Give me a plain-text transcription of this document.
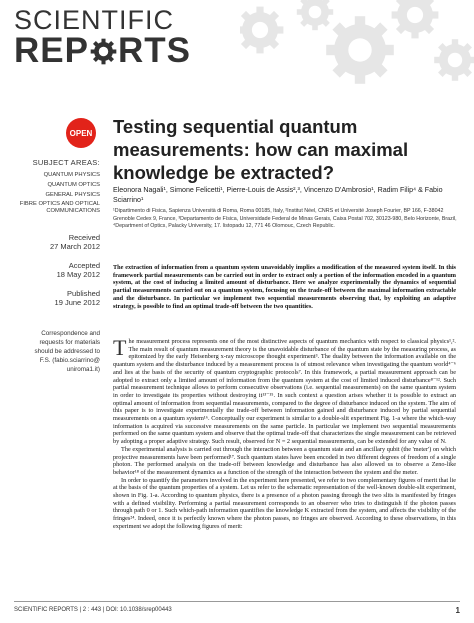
SCIENTIFIC
REP RTS
OPEN
SUBJECT AREAS:
QUANTUM PHYSICS
QUANTUM OPTICS
GENERAL PHYSICS
FIBRE OPTICS AND OPTICAL COMMUNICATIONS
Received
27 March 2012
Accepted
18 May 2012
Published
19 June 2012
Correspondence and requests for materials should be addressed to F.S. (fabio.sciarrino@ uniroma1.it)
Testing sequential quantum measurements: how can maximal knowledge be extracted?
Eleonora Nagali¹, Simone Felicetti¹, Pierre-Louis de Assis²,³, Vincenzo D'Ambrosio¹, Radim Filip⁴ & Fabio Sciarrino¹
¹Dipartimento di Fisica, Sapienza Università di Roma, Roma 00185, Italy, ²Institut Néel, CNRS et Université Joseph Fourier, BP 166, F-38042 Grenoble Cedex 9, France, ³Departamento de Física, Universidade Federal de Minas Gerais, Caixa Postal 702, 30123-980, Belo Horizonte, Brazil, ⁴Department of Optics, Palacky University, 17. listopadu 12, 771 46 Olomouc, Czech Republic.
The extraction of information from a quantum system unavoidably implies a modification of the measured system itself. In this framework partial measurements can be carried out in order to extract only a portion of the information encoded in a quantum system, at the cost of inducing a limited amount of disturbance. Here we analyze experimentally the dynamics of sequential partial measurements carried out on a quantum system, focusing on the trade-off between the maximal information extractable and the disturbance. In particular we implement two sequential measurements observing that, by exploiting an adaptive strategy, is possible to find an optimal trade-off between the two quantities.

The measurement process represents one of the most distinctive aspects of quantum mechanics with respect to classical physics¹,². The main result of quantum measurement theory is the unavoidable disturbance of the quantum state by the measuring process, as epitomized by the early Heisenberg x-ray microscope thought experiment³. The duality between the information available on the quantum system and the disturbance induced by a measurement process is of utmost relevance when investigating the quantum world⁴⁻⁶ and lies at the basis of the security of quantum cryptographic protocols⁷. In this framework, a partial measurement approach can be adopted to extract only a limited amount of information from the quantum system at the cost of limited induced disturbance⁸⁻¹². Such partial measurement technique allows to perform consecutive observations (i.e. sequential measurements) on the same quantum system in order to investigate its properties without destroying it¹³⁻¹⁵. In such context a question arises whether it is possible to extract an optimal amount of information from sequential measurements, compared to the degree of disturbance induced on the system. The aim of this paper is to investigate experimentally the trade-off between information gained and disturbance induced by partial sequential measurements on a quantum system¹⁶. Conceptually our experiment is similar to a double-slit experiment Fig. 1-a where the which-way information is acquired via successive measurements on the same particle. In particular we implement two sequential measurements performed on the same quantum system and observe that the optimal trade-off that characterizes the single measurement can be retrieved by adopting a proper adaptive strategy. Such result, observed for N = 2 sequential measurements, can be extended for any value of N.

The experimental analysis is carried out through the interaction between a quantum state and an ancillary qubit (the 'meter') on which projective measurements have been performed¹⁷. Such quantum states have been encoded in two different degrees of freedom of a single photon. The performed analysis on the trade-off between knowledge and disturbance has also allowed us to observe a Zeno-like behavior¹⁸ of the measurement dynamics as a function of the strength of the interaction between the system and the meter.

In order to quantify the parameters involved in the experiment here presented, we refer to two complementary figures of merit that lie at the basis of the quantum properties of a system. Let us refer to the schematic representation of the well-known double-slit experiment, shown in Fig. 1-a. According to quantum physics, there is a presence of a photon passing through the two slits is manifested by fringes with a defined visibility. Performing a partial measurement corresponds to an observer who tries to distinguish if the photon passes through path 0 or 1. Such which-path information quantifies the knowledge K extracted from the system, and affects the visibility of the fringes²⁴. Indeed, once it is perfectly known where the photon passes, no fringes are observed. According to these observations, in this experiment we adopt the following figures of merit:

SCIENTIFIC REPORTS | 2 : 443 | DOI: 10.1038/srep00443	1
